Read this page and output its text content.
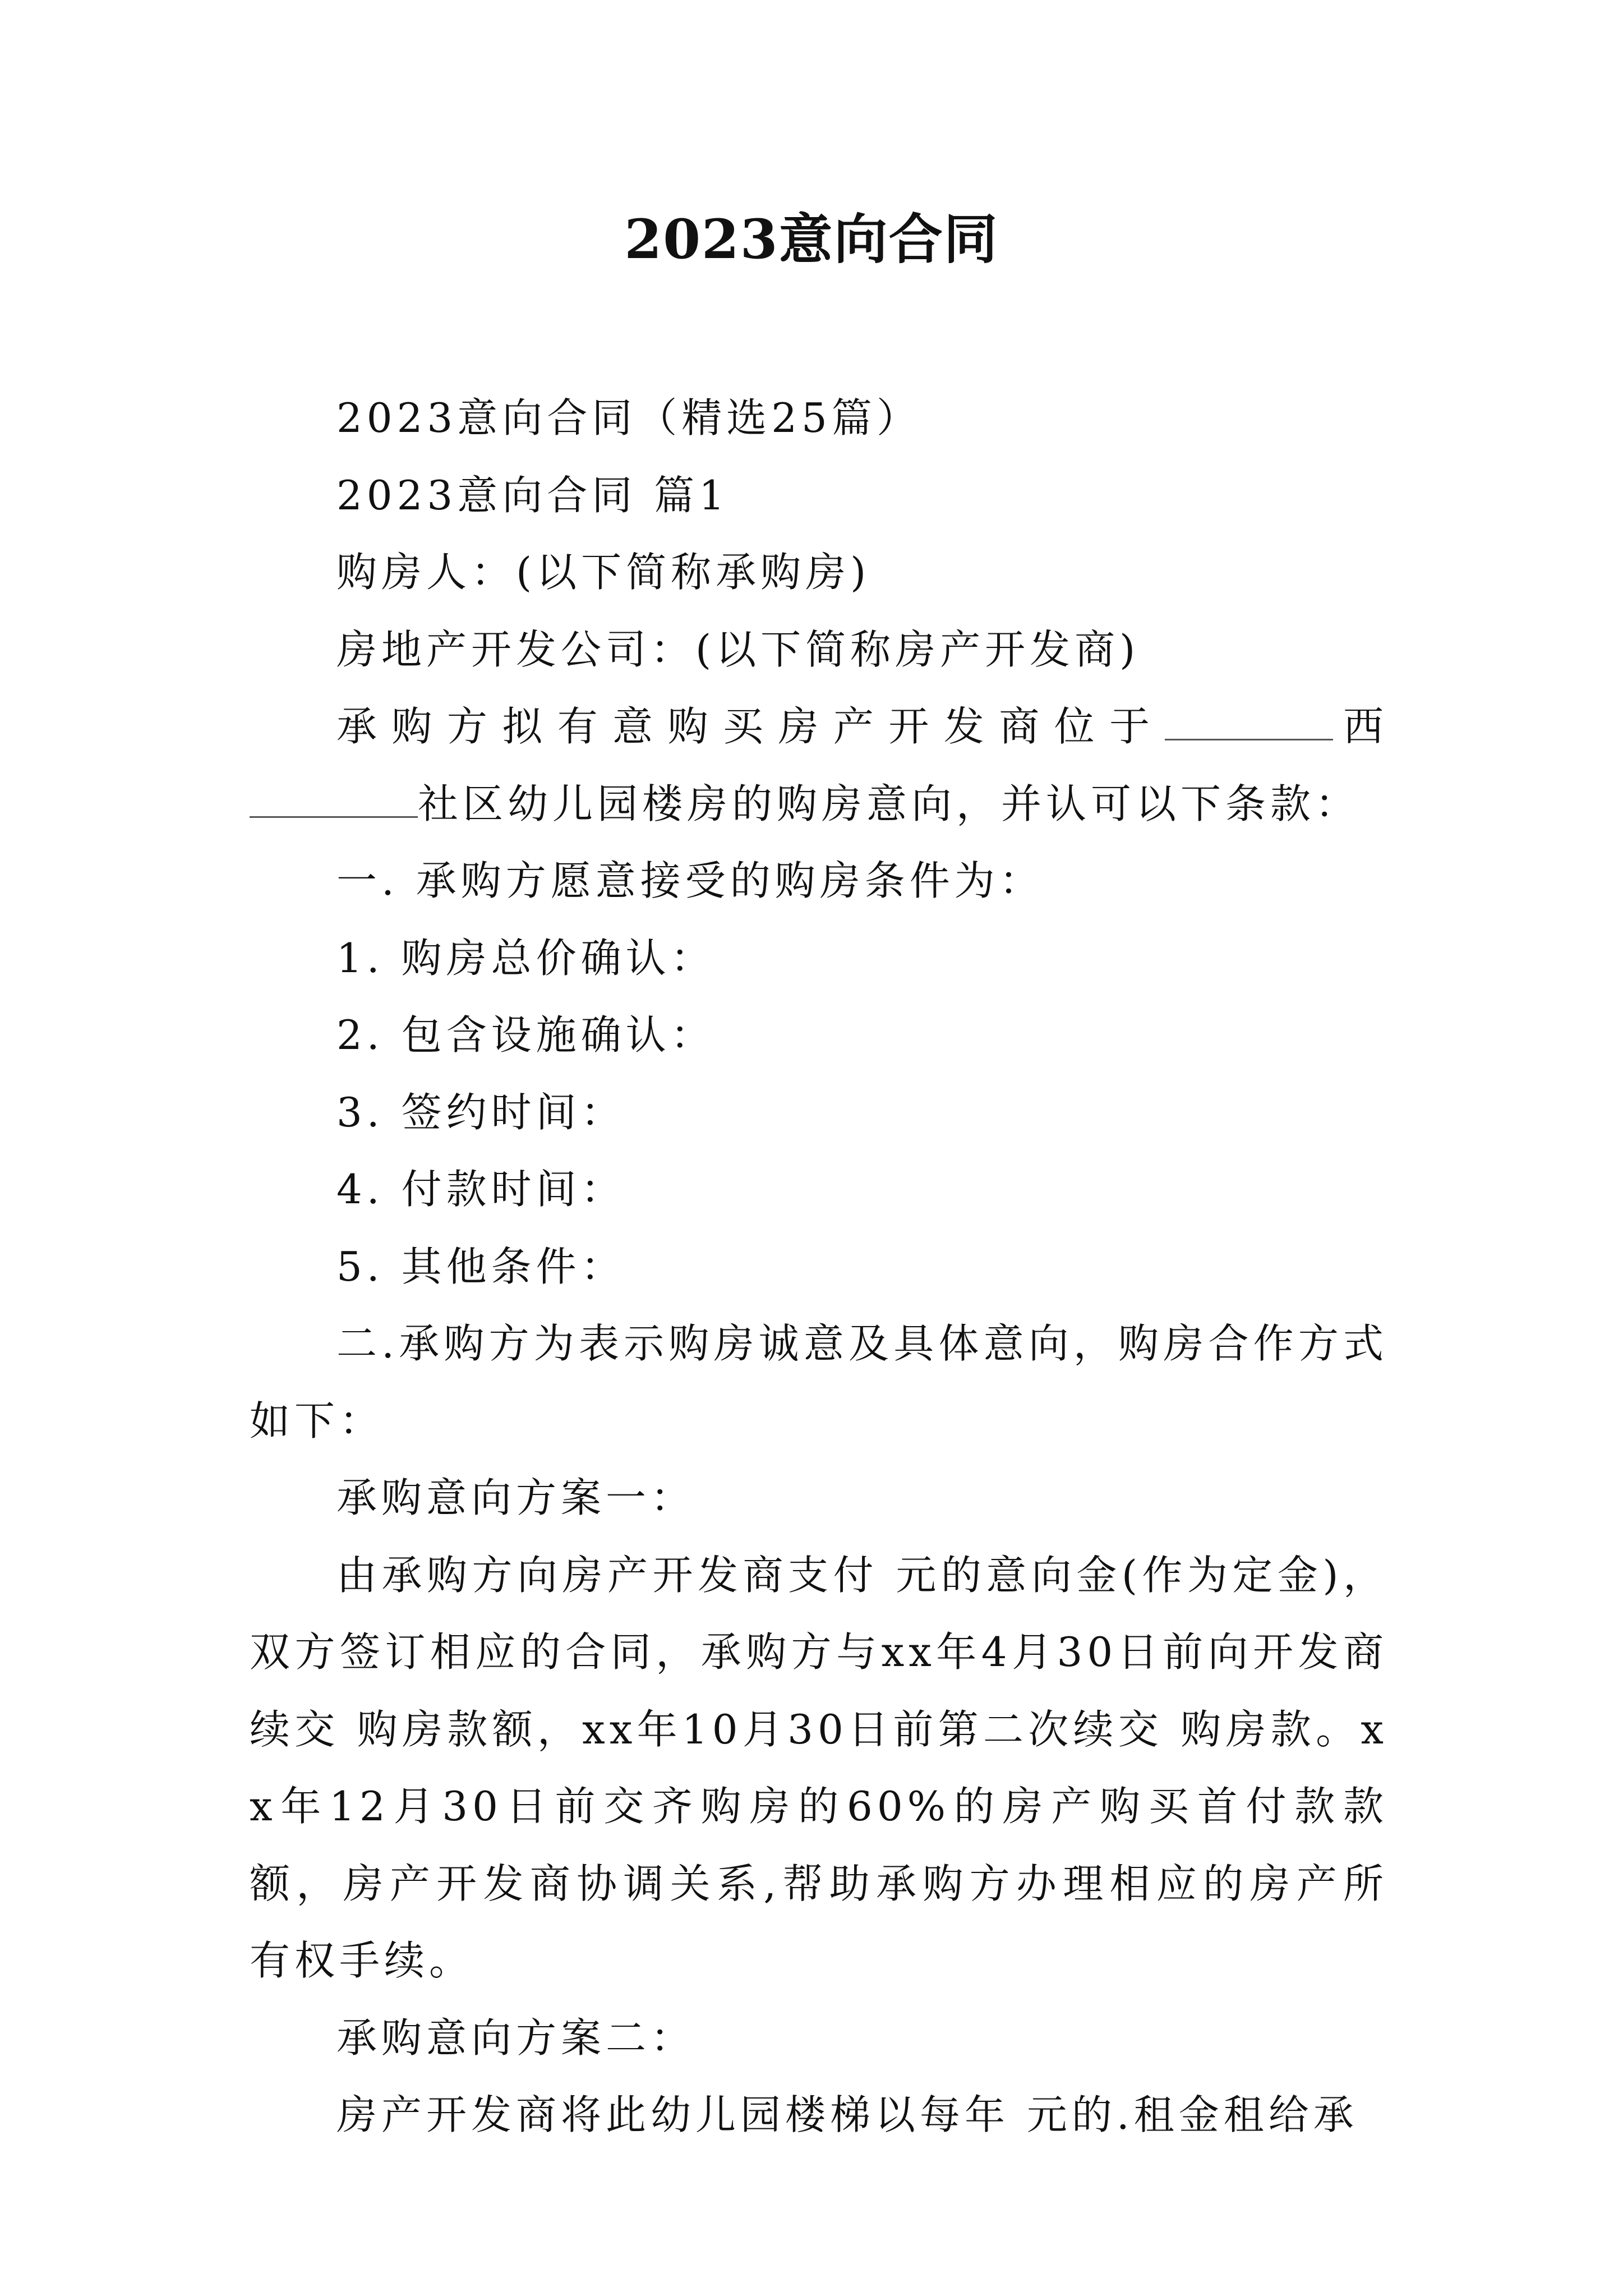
2023意向合同

2023意向合同（精选25篇）

2023意向合同 篇1

购房人：(以下简称承购房)

房地产开发公司：(以下简称房产开发商)

承购方拟有意购买房产开发商位于	西社区幼儿园楼房的购房意向，并认可以下条款：

一. 承购方愿意接受的购房条件为：

1. 购房总价确认：

2. 包含设施确认：

3. 签约时间：

4. 付款时间：

5. 其他条件：

二.承购方为表示购房诚意及具体意向，购房合作方式如下：

承购意向方案一：

由承购方向房产开发商支付 元的意向金(作为定金)，双方签订相应的合同，承购方与xx年4月30日前向开发商续交 购房款额，xx年10月30日前第二次续交 购房款。xx年12月30日前交齐购房的60%的房产购买首付款款额，房产开发商协调关系,帮助承购方办理相应的房产所有权手续。

承购意向方案二：

房产开发商将此幼儿园楼梯以每年 元的.租金租给承
